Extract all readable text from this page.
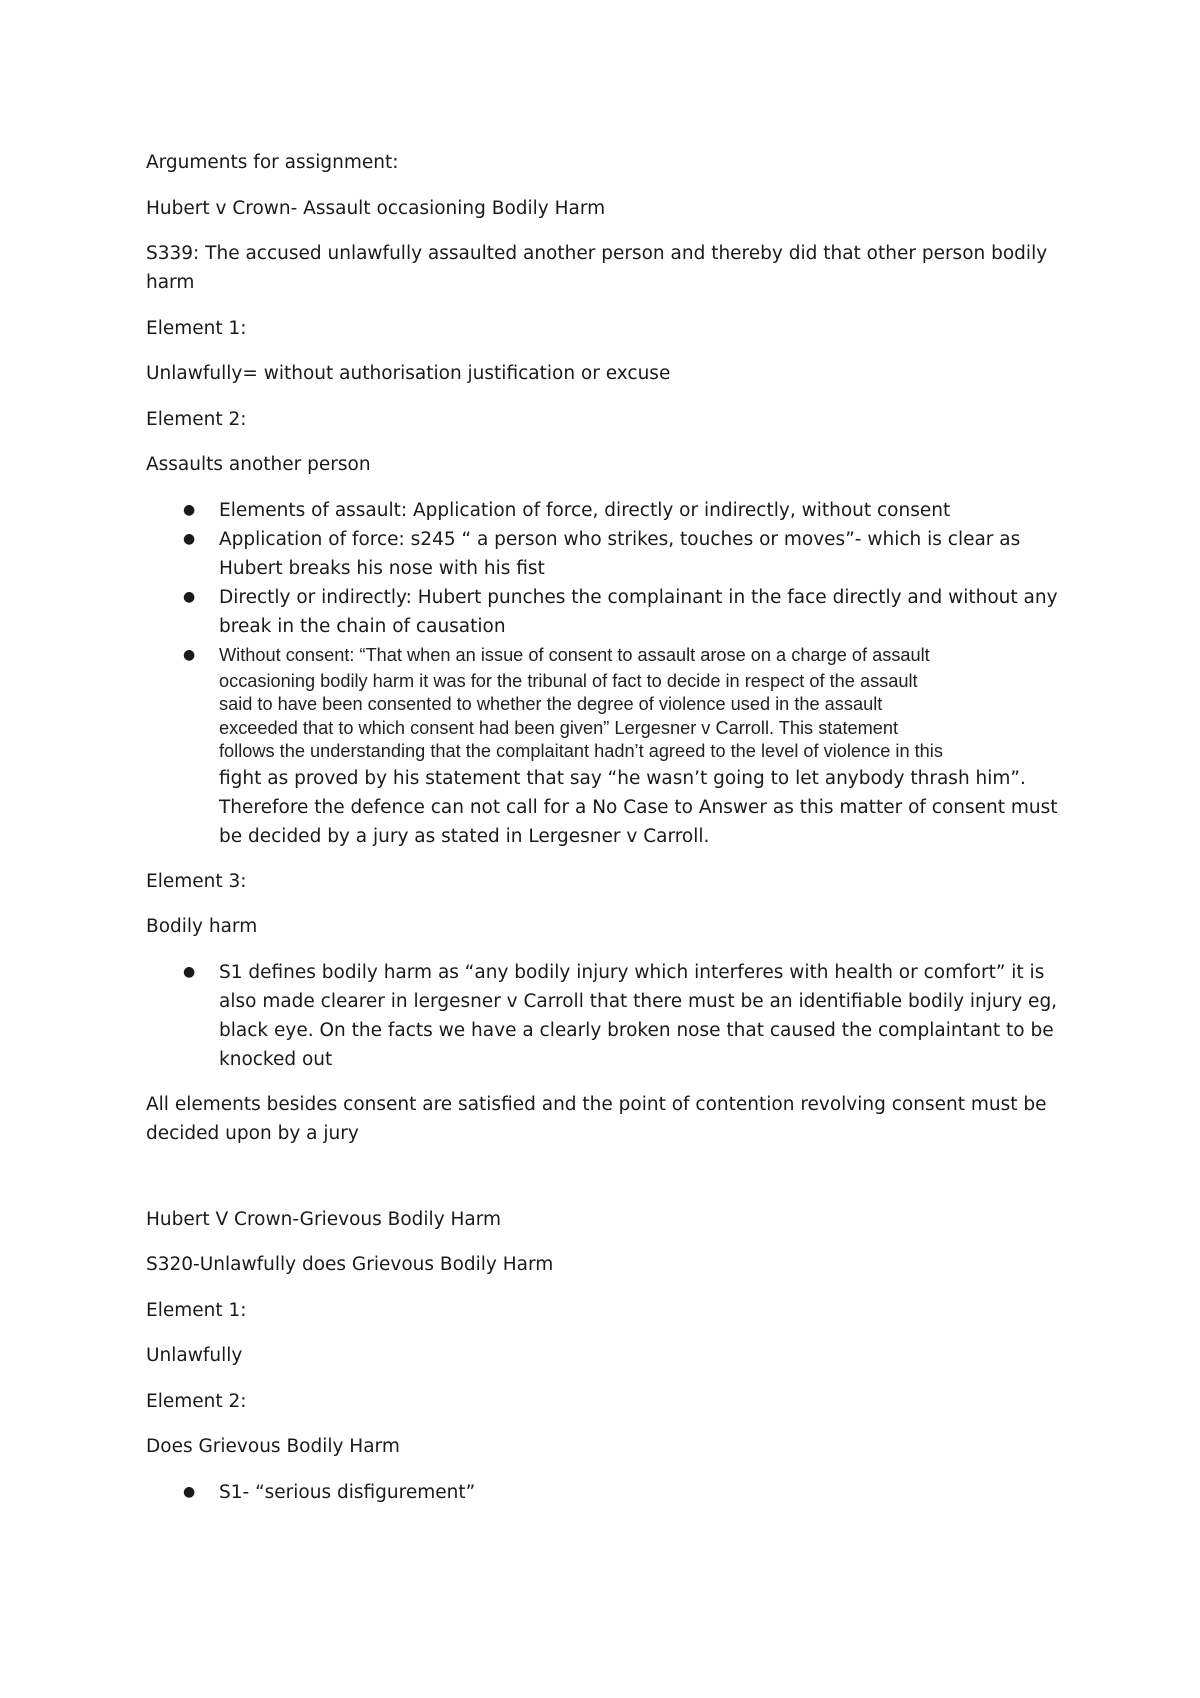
Arguments for assignment:

Hubert v Crown- Assault occasioning Bodily Harm

S339: The accused unlawfully assaulted another person and thereby did that other person bodily harm

Element 1:

Unlawfully= without authorisation justification or excuse

Element 2:

Assaults another person

● Elements of assault: Application of force, directly or indirectly, without consent
● Application of force: s245 “ a person who strikes, touches or moves”- which is clear as Hubert breaks his nose with his fist
● Directly or indirectly: Hubert punches the complainant in the face directly and without any break in the chain of causation
● Without consent: “That when an issue of consent to assault arose on a charge of assault
occasioning bodily harm it was for the tribunal of fact to decide in respect of the assault
said to have been consented to whether the degree of violence used in the assault
exceeded that to which consent had been given” Lergesner v Carroll. This statement
follows the understanding that the complaitant hadn’t agreed to the level of violence in this
fight as proved by his statement that say “he wasn’t going to let anybody thrash him”. Therefore the defence can not call for a No Case to Answer as this matter of consent must be decided by a jury as stated in Lergesner v Carroll.

Element 3:

Bodily harm

● S1 defines bodily harm as “any bodily injury which interferes with health or comfort” it is also made clearer in lergesner v Carroll that there must be an identifiable bodily injury eg, black eye. On the facts we have a clearly broken nose that caused the complaintant to be knocked out

All elements besides consent are satisfied and the point of contention revolving consent must be decided upon by a jury

Hubert V Crown-Grievous Bodily Harm

S320-Unlawfully does Grievous Bodily Harm

Element 1:

Unlawfully

Element 2:

Does Grievous Bodily Harm

● S1- “serious disfigurement”
